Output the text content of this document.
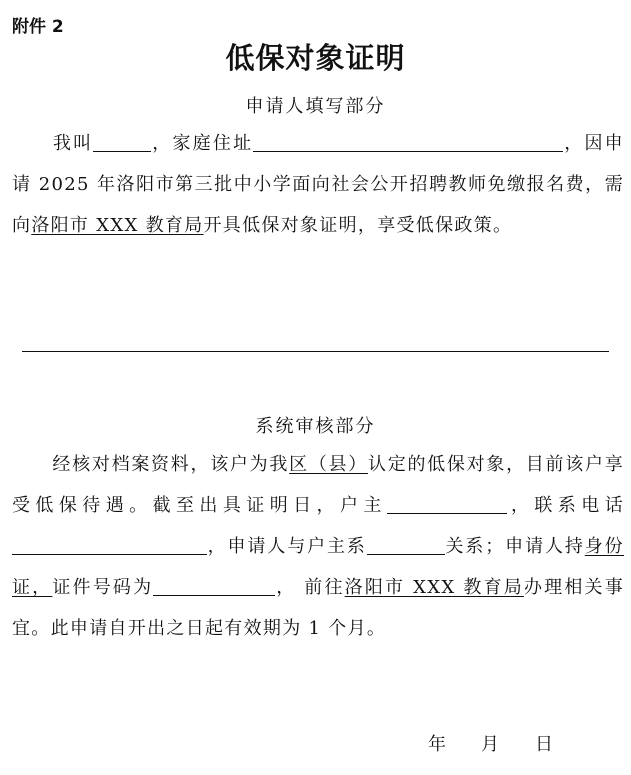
附件 2
低保对象证明
申请人填写部分
我叫	，家庭住址	，因申请 2025 年洛阳市第三批中小学面向社会公开招聘教师免缴报名费，需向洛阳市 XXX 教育局开具低保对象证明，享受低保政策。
系统审核部分
经核对档案资料，该户为我区（县）认定的低保对象，目前该户享受低保待遇。截至出具证明日，户主	，联系电话，申请人与户主系	关系；申请人持身份证，证件号码为	， 前往洛阳市 XXX 教育局办理相关事宜。此申请自开出之日起有效期为 1 个月。
年 月 日
